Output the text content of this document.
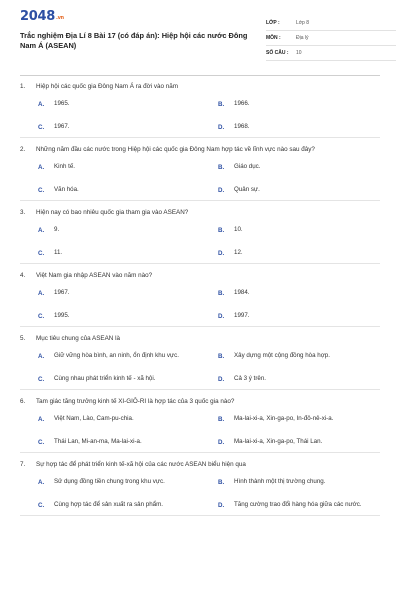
$2048^{.vn}$
Trắc nghiệm Địa Lí 8 Bài 17 (có đáp án): Hiệp hội các nước Đông Nam Á (ASEAN)
LỚP :	Lớp 8
MÔN :	Địa lý
SỐ CÂU :	10
1.	Hiệp hội các quốc gia Đông Nam Á ra đời vào năm
A.	1965.	B.	1966.
C.	1967.	D.	1968.
2.	Những năm đầu các nước trong Hiệp hội các quốc gia Đông Nam hợp tác về lĩnh vực nào sau đây?
A.	Kinh tế.	B.	Giáo dục.
C.	Văn hóa.	D.	Quân sự.
3.	Hiện nay có bao nhiêu quốc gia tham gia vào ASEAN?
A.	9.	B.	10.
C.	11.	D.	12.
4.	Việt Nam gia nhập ASEAN vào năm nào?
A.	1967.	B.	1984.
C.	1995.	D.	1997.
5.	Mục tiêu chung của ASEAN là
A.	Giữ vững hòa bình, an ninh, ổn định khu vực.	B.	Xây dựng một cộng đồng hòa hợp.
C.	Cùng nhau phát triển kinh tế - xã hội.	D.	Cả 3 ý trên.
6.	Tam giác tăng trưởng kinh tế XI-GIÔ-RI là hợp tác của 3 quốc gia nào?
A.	Việt Nam, Lào, Cam-pu-chia.	B.	Ma-lai-xi-a, Xin-ga-po, In-đô-nê-xi-a.
C.	Thái Lan, Mi-an-ma, Ma-lai-xi-a.	D.	Ma-lai-xi-a, Xin-ga-po, Thái Lan.
7.	Sự hợp tác để phát triển kinh tế-xã hội của các nước ASEAN biểu hiện qua
A.	Sử dụng đồng tiền chung trong khu vực.	B.	Hình thành một thị trường chung.
C.	Cùng hợp tác để sản xuất ra sản phẩm.	D.	Tăng cường trao đổi hàng hóa giữa các nước.
